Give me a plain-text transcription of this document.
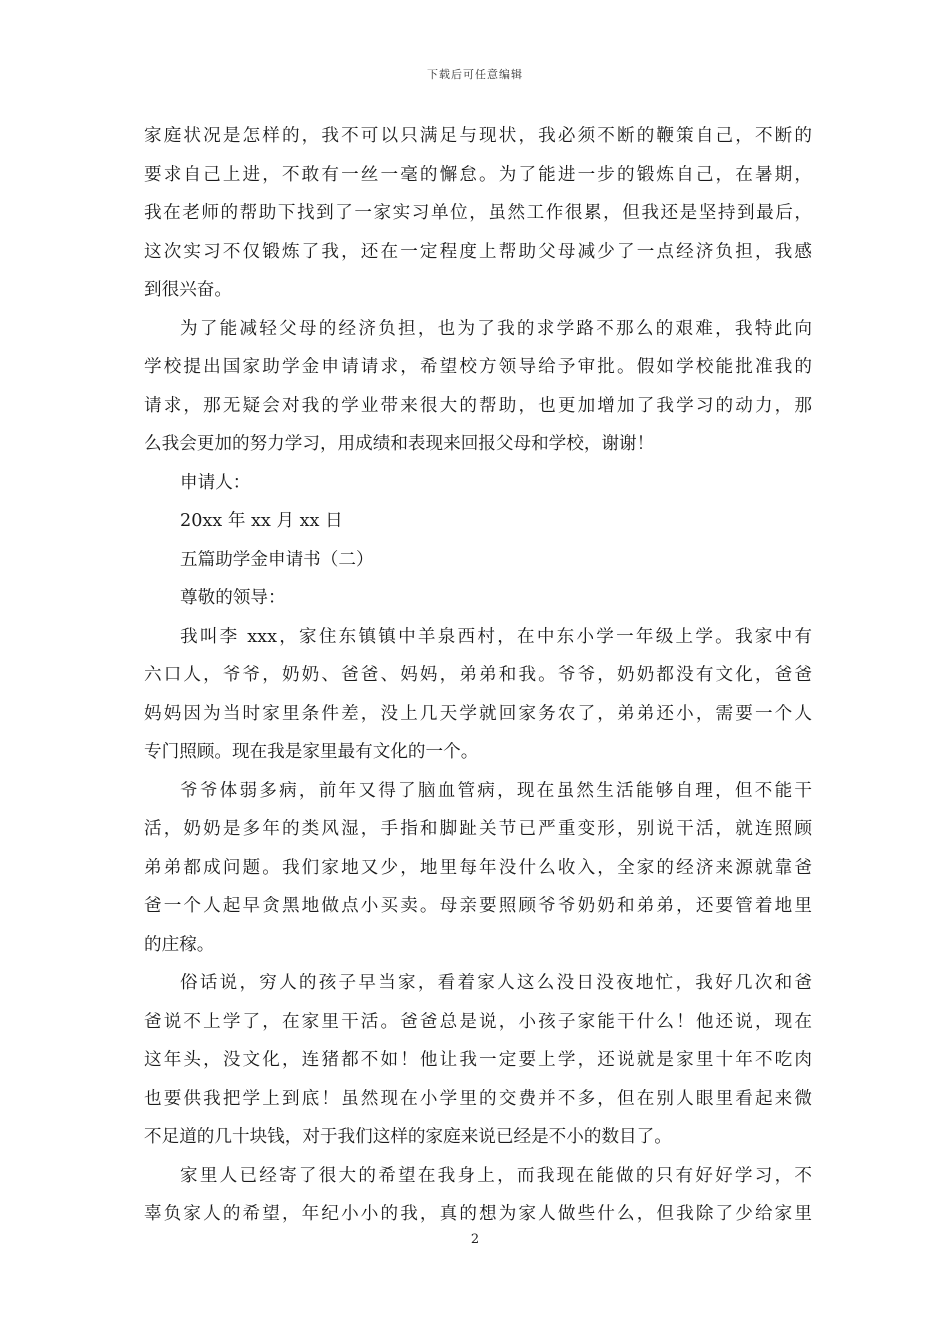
下载后可任意编辑
家庭状况是怎样的，我不可以只满足与现状，我必须不断的鞭策自己，不断的
要求自己上进，不敢有一丝一毫的懈怠。为了能进一步的锻炼自己，在暑期，
我在老师的帮助下找到了一家实习单位，虽然工作很累，但我还是坚持到最后，
这次实习不仅锻炼了我，还在一定程度上帮助父母减少了一点经济负担，我感
到很兴奋。
为了能减轻父母的经济负担，也为了我的求学路不那么的艰难，我特此向
学校提出国家助学金申请请求，希望校方领导给予审批。假如学校能批准我的
请求，那无疑会对我的学业带来很大的帮助，也更加增加了我学习的动力，那
么我会更加的努力学习，用成绩和表现来回报父母和学校，谢谢！
申请人：
20xx 年 xx 月 xx 日
五篇助学金申请书（二）
尊敬的领导：
我叫李 xxx，家住东镇镇中羊泉西村，在中东小学一年级上学。我家中有
六口人，爷爷，奶奶、爸爸、妈妈，弟弟和我。爷爷，奶奶都没有文化，爸爸
妈妈因为当时家里条件差，没上几天学就回家务农了，弟弟还小，需要一个人
专门照顾。现在我是家里最有文化的一个。
爷爷体弱多病，前年又得了脑血管病，现在虽然生活能够自理，但不能干
活，奶奶是多年的类风湿，手指和脚趾关节已严重变形，别说干活，就连照顾
弟弟都成问题。我们家地又少，地里每年没什么收入，全家的经济来源就靠爸
爸一个人起早贪黑地做点小买卖。母亲要照顾爷爷奶奶和弟弟，还要管着地里
的庄稼。
俗话说，穷人的孩子早当家，看着家人这么没日没夜地忙，我好几次和爸
爸说不上学了，在家里干活。爸爸总是说，小孩子家能干什么！他还说，现在
这年头，没文化，连猪都不如！他让我一定要上学，还说就是家里十年不吃肉
也要供我把学上到底！虽然现在小学里的交费并不多，但在别人眼里看起来微
不足道的几十块钱，对于我们这样的家庭来说已经是不小的数目了。
家里人已经寄了很大的希望在我身上，而我现在能做的只有好好学习，不
辜负家人的希望，年纪小小的我，真的想为家人做些什么，但我除了少给家里
2
